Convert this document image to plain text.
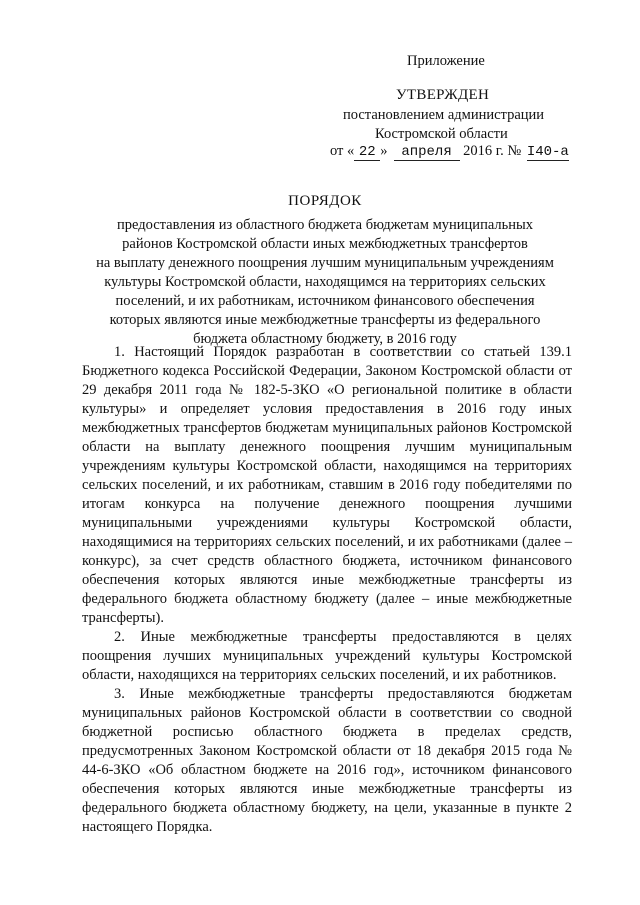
Приложение
УТВЕРЖДЕН
постановлением администрации
Костромской области
от « 22 » апреля 2016 г. № I40-а

ПОРЯДОК

предоставления из областного бюджета бюджетам муниципальных
районов Костромской области иных межбюджетных трансфертов
на выплату денежного поощрения лучшим муниципальным учреждениям
культуры Костромской области, находящимся на территориях сельских
поселений, и их работникам, источником финансового обеспечения
которых являются иные межбюджетные трансферты из федерального
бюджета областному бюджету, в 2016 году

1. Настоящий Порядок разработан в соответствии со статьей 139.1 Бюджетного кодекса Российской Федерации, Законом Костромской области от 29 декабря 2011 года № 182-5-ЗКО «О региональной политике в области культуры» и определяет условия предоставления в 2016 году иных межбюджетных трансфертов бюджетам муниципальных районов Костромской области на выплату денежного поощрения лучшим муниципальным учреждениям культуры Костромской области, находящимся на территориях сельских поселений, и их работникам, ставшим в 2016 году победителями по итогам конкурса на получение денежного поощрения лучшими муниципальными учреждениями культуры Костромской области, находящимися на территориях сельских поселений, и их работниками (далее – конкурс), за счет средств областного бюджета, источником финансового обеспечения которых являются иные межбюджетные трансферты из федерального бюджета областному бюджету (далее – иные межбюджетные трансферты).

2. Иные межбюджетные трансферты предоставляются в целях поощрения лучших муниципальных учреждений культуры Костромской области, находящихся на территориях сельских поселений, и их работников.

3. Иные межбюджетные трансферты предоставляются бюджетам муниципальных районов Костромской области в соответствии со сводной бюджетной росписью областного бюджета в пределах средств, предусмотренных Законом Костромской области от 18 декабря 2015 года № 44-6-ЗКО «Об областном бюджете на 2016 год», источником финансового обеспечения которых являются иные межбюджетные трансферты из федерального бюджета областному бюджету, на цели, указанные в пункте 2 настоящего Порядка.
